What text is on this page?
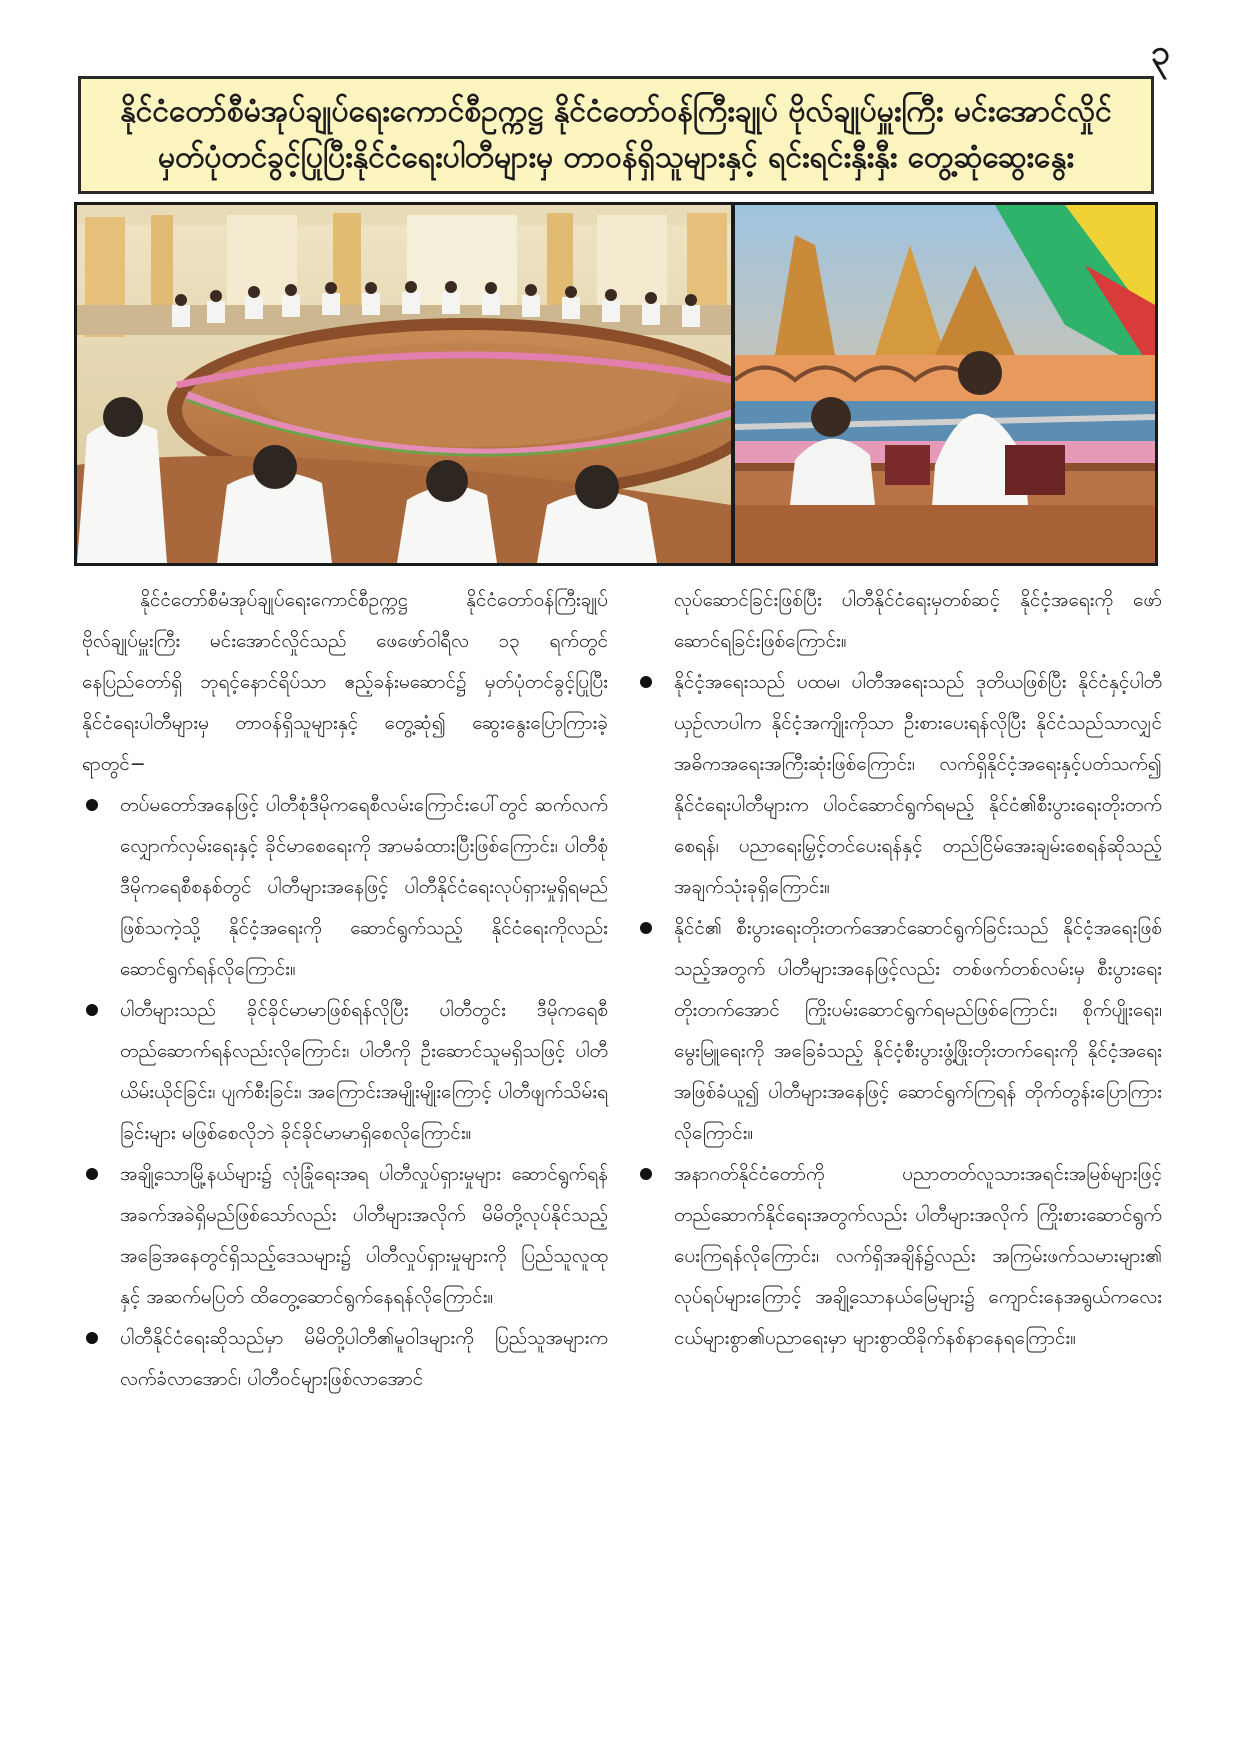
၃
နိုင်ငံတော်စီမံအုပ်ချုပ်ရေးကောင်စီဥက္ကဋ္ဌ နိုင်ငံတော်ဝန်ကြီးချုပ် ဗိုလ်ချုပ်မှူးကြီး မင်းအောင်လှိုင်
မှတ်ပုံတင်ခွင့်ပြုပြီးနိုင်ငံရေးပါတီများမှ တာဝန်ရှိသူများနှင့် ရင်းရင်းနှီးနှီး တွေ့ဆုံဆွေးနွေး

နိုင်ငံတော်စီမံအုပ်ချုပ်ရေးကောင်စီဥက္ကဋ္ဌ နိုင်ငံတော်ဝန်ကြီးချုပ် ဗိုလ်ချုပ်မှူးကြီး မင်းအောင်လှိုင်သည် ဖေဖော်ဝါရီလ ၁၃ ရက်တွင် နေပြည်တော်ရှိ ဘုရင့်နောင်ရိပ်သာ ဧည့်ခန်းမဆောင်၌ မှတ်ပုံတင်ခွင့်ပြုပြီး နိုင်ငံရေးပါတီများမှ တာဝန်ရှိသူများနှင့် တွေ့ဆုံ၍ ဆွေးနွေးပြောကြားခဲ့ရာတွင်−

တပ်မတော်အနေဖြင့် ပါတီစုံဒီမိုကရေစီလမ်းကြောင်းပေါ်တွင် ဆက်လက်လျှောက်လှမ်းရေးနှင့် ခိုင်မာစေရေးကို အာမခံထားပြီးဖြစ်ကြောင်း၊ ပါတီစုံဒီမိုကရေစီစနစ်တွင် ပါတီများအနေဖြင့် ပါတီနိုင်ငံရေးလုပ်ရှားမှုရှိရမည်ဖြစ်သကဲ့သို့ နိုင်ငံ့အရေးကို ဆောင်ရွက်သည့် နိုင်ငံရေးကိုလည်းဆောင်ရွက်ရန်လိုကြောင်း။

ပါတီများသည် ခိုင်ခိုင်မာမာဖြစ်ရန်လိုပြီး ပါတီတွင်း ဒီမိုကရေစီတည်ဆောက်ရန်လည်းလိုကြောင်း၊ ပါတီကို ဦးဆောင်သူမရှိသဖြင့် ပါတီယိမ်းယိုင်ခြင်း၊ ပျက်စီးခြင်း၊ အကြောင်းအမျိုးမျိုးကြောင့် ပါတီဖျက်သိမ်းရခြင်းများ မဖြစ်စေလိုဘဲ ခိုင်ခိုင်မာမာရှိစေလိုကြောင်း။

အချို့သောမြို့နယ်များ၌ လုံခြုံရေးအရ ပါတီလှုပ်ရှားမှုများ ဆောင်ရွက်ရန် အခက်အခဲရှိမည်ဖြစ်သော်လည်း ပါတီများအလိုက် မိမိတို့လုပ်နိုင်သည့်အခြေအနေတွင်ရှိသည့်ဒေသများ၌ ပါတီလှုပ်ရှားမှုများကို ပြည်သူလူထုနှင့် အဆက်မပြတ် ထိတွေ့ဆောင်ရွက်နေရန်လိုကြောင်း။

ပါတီနိုင်ငံရေးဆိုသည်မှာ မိမိတို့ပါတီ၏မူဝါဒများကို ပြည်သူအများက လက်ခံလာအောင်၊ ပါတီဝင်များဖြစ်လာအောင်

လုပ်ဆောင်ခြင်းဖြစ်ပြီး ပါတီနိုင်ငံရေးမှတစ်ဆင့် နိုင်ငံ့အရေးကို ဖော်ဆောင်ရခြင်းဖြစ်ကြောင်း။

နိုင်ငံ့အရေးသည် ပထမ၊ ပါတီအရေးသည် ဒုတိယဖြစ်ပြီး နိုင်ငံနှင့်ပါတီယှဉ်လာပါက နိုင်ငံ့အကျိုးကိုသာ ဦးစားပေးရန်လိုပြီး နိုင်ငံသည်သာလျှင် အဓိကအရေးအကြီးဆုံးဖြစ်ကြောင်း၊ လက်ရှိနိုင်ငံ့အရေးနှင့်ပတ်သက်၍ နိုင်ငံရေးပါတီများက ပါဝင်ဆောင်ရွက်ရမည့် နိုင်ငံ၏စီးပွားရေးတိုးတက်စေရန်၊ ပညာရေးမြှင့်တင်ပေးရန်နှင့် တည်ငြိမ်အေးချမ်းစေရန်ဆိုသည့် အချက်သုံးခုရှိကြောင်း။

နိုင်ငံ၏ စီးပွားရေးတိုးတက်အောင်ဆောင်ရွက်ခြင်းသည် နိုင်ငံ့အရေးဖြစ်သည့်အတွက် ပါတီများအနေဖြင့်လည်း တစ်ဖက်တစ်လမ်းမှ စီးပွားရေးတိုးတက်အောင် ကြိုးပမ်းဆောင်ရွက်ရမည်ဖြစ်ကြောင်း၊ စိုက်ပျိုးရေး၊ မွေးမြူရေးကို အခြေခံသည့် နိုင်ငံ့စီးပွားဖွံ့ဖြိုးတိုးတက်ရေးကို နိုင်ငံ့အရေးအဖြစ်ခံယူ၍ ပါတီများအနေဖြင့် ဆောင်ရွက်ကြရန် တိုက်တွန်းပြောကြားလိုကြောင်း။

အနာဂတ်နိုင်ငံတော်ကို ပညာတတ်လူသားအရင်းအမြစ်များဖြင့် တည်ဆောက်နိုင်ရေးအတွက်လည်း ပါတီများအလိုက် ကြိုးစားဆောင်ရွက်ပေးကြရန်လိုကြောင်း၊ လက်ရှိအချိန်၌လည်း အကြမ်းဖက်သမားများ၏ လုပ်ရပ်များကြောင့် အချို့သောနယ်မြေများ၌ ကျောင်းနေအရွယ်ကလေးငယ်များစွာ၏ပညာရေးမှာ များစွာထိခိုက်နစ်နာနေရကြောင်း။
